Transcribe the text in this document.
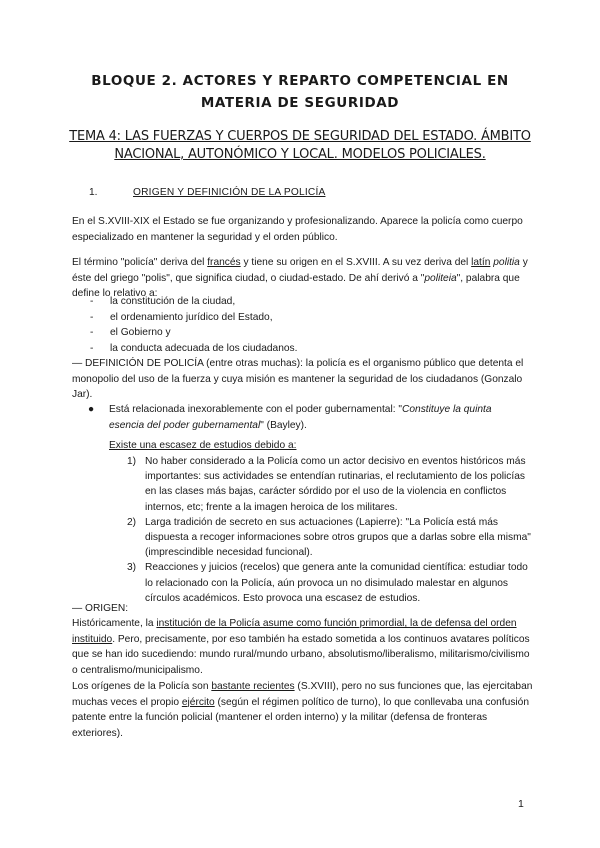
BLOQUE 2. ACTORES Y REPARTO COMPETENCIAL EN MATERIA DE SEGURIDAD
TEMA 4: LAS FUERZAS Y CUERPOS DE SEGURIDAD DEL ESTADO. ÁMBITO NACIONAL, AUTONÓMICO Y LOCAL. MODELOS POLICIALES.
1.	ORIGEN Y DEFINICIÓN DE LA POLICÍA

En el S.XVIII-XIX el Estado se fue organizando y profesionalizando. Aparece la policía como cuerpo especializado en mantener la seguridad y el orden público.

El término "policía" deriva del francés y tiene su origen en el S.XVIII. A su vez deriva del latín politia y éste del griego "polis", que significa ciudad, o ciudad-estado. De ahí derivó a "politeia", palabra que define lo relativo a:

- la constitución de la ciudad,
- el ordenamiento jurídico del Estado,
- el Gobierno y
- la conducta adecuada de los ciudadanos.

— DEFINICIÓN DE POLICÍA (entre otras muchas): la policía es el organismo público que detenta el monopolio del uso de la fuerza y cuya misión es mantener la seguridad de los ciudadanos (Gonzalo Jar).

● Está relacionada inexorablemente con el poder gubernamental: "Constituye la quinta esencia del poder gubernamental" (Bayley).
Existe una escasez de estudios debido a:
1) No haber considerado a la Policía como un actor decisivo en eventos históricos más importantes: sus actividades se entendían rutinarias, el reclutamiento de los policías en las clases más bajas, carácter sórdido por el uso de la violencia en conflictos internos, etc; frente a la imagen heroica de los militares.
2) Larga tradición de secreto en sus actuaciones (Lapierre): "La Policía está más dispuesta a recoger informaciones sobre otros grupos que a darlas sobre ella misma" (imprescindible necesidad funcional).
3) Reacciones y juicios (recelos) que genera ante la comunidad científica: estudiar todo lo relacionado con la Policía, aún provoca un no disimulado malestar en algunos círculos académicos. Esto provoca una escasez de estudios.

— ORIGEN:

Históricamente, la institución de la Policía asume como función primordial, la de defensa del orden instituido. Pero, precisamente, por eso también ha estado sometida a los continuos avatares políticos que se han ido sucediendo: mundo rural/mundo urbano, absolutismo/liberalismo, militarismo/civilismo o centralismo/municipalismo.

Los orígenes de la Policía son bastante recientes (S.XVIII), pero no sus funciones que, las ejercitaban muchas veces el propio ejército (según el régimen político de turno), lo que conllevaba una confusión patente entre la función policial (mantener el orden interno) y la militar (defensa de fronteras exteriores).

1
